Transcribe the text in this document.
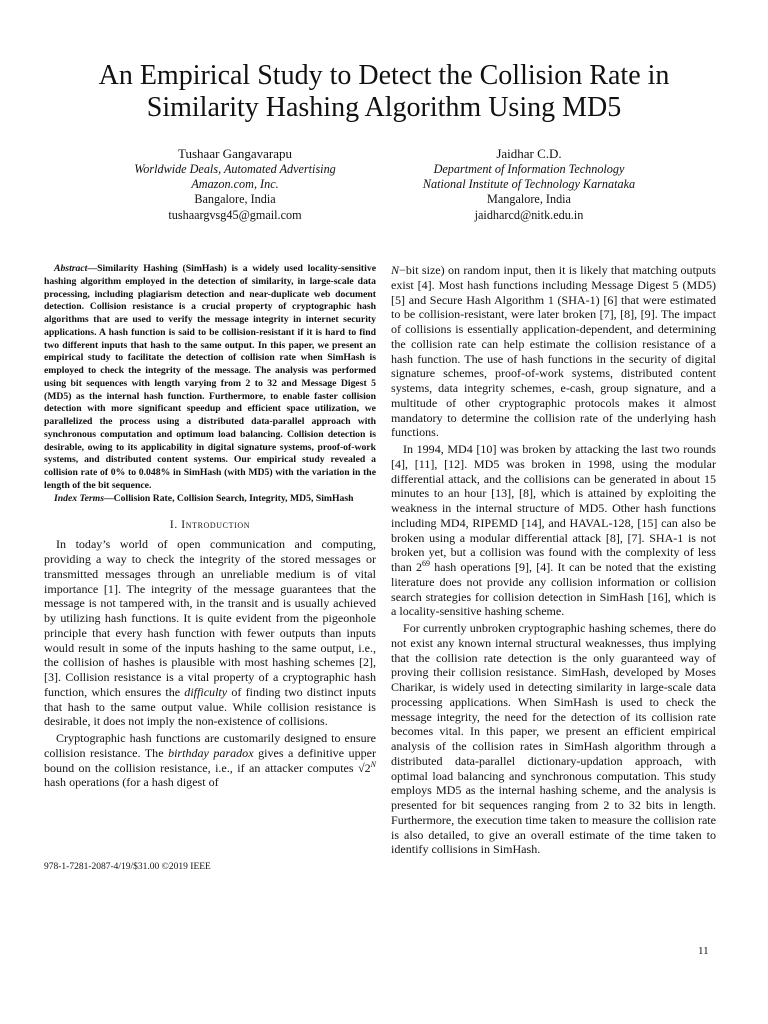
An Empirical Study to Detect the Collision Rate in Similarity Hashing Algorithm Using MD5
Tushaar Gangavarapu
Worldwide Deals, Automated Advertising
Amazon.com, Inc.
Bangalore, India
tushaargvsg45@gmail.com
Jaidhar C.D.
Department of Information Technology
National Institute of Technology Karnataka
Mangalore, India
jaidharcd@nitk.edu.in

Abstract—Similarity Hashing (SimHash) is a widely used locality-sensitive hashing algorithm employed in the detection of similarity, in large-scale data processing, including plagiarism detection and near-duplicate web document detection. Collision resistance is a crucial property of cryptographic hash algorithms that are used to verify the message integrity in internet security applications. A hash function is said to be collision-resistant if it is hard to find two different inputs that hash to the same output. In this paper, we present an empirical study to facilitate the detection of collision rate when SimHash is employed to check the integrity of the message. The analysis was performed using bit sequences with length varying from 2 to 32 and Message Digest 5 (MD5) as the internal hash function. Furthermore, to enable faster collision detection with more significant speedup and efficient space utilization, we parallelized the process using a distributed data-parallel approach with synchronous computation and optimum load balancing. Collision detection is desirable, owing to its applicability in digital signature systems, proof-of-work systems, and distributed content systems. Our empirical study revealed a collision rate of 0% to 0.048% in SimHash (with MD5) with the variation in the length of the bit sequence.

Index Terms—Collision Rate, Collision Search, Integrity, MD5, SimHash

I. Introduction

In today’s world of open communication and computing, providing a way to check the integrity of the stored messages or transmitted messages through an unreliable medium is of vital importance [1]. The integrity of the message guarantees that the message is not tampered with, in the transit and is usually achieved by utilizing hash functions. It is quite evident from the pigeonhole principle that every hash function with fewer outputs than inputs would result in some of the inputs hashing to the same output, i.e., the collision of hashes is plausible with most hashing schemes [2], [3]. Collision resistance is a vital property of a cryptographic hash function, which ensures the difficulty of finding two distinct inputs that hash to the same output value. While collision resistance is desirable, it does not imply the non-existence of collisions.

Cryptographic hash functions are customarily designed to ensure collision resistance. The birthday paradox gives a definitive upper bound on the collision resistance, i.e., if an attacker computes $√2^N$ hash operations (for a hash digest of

N−bit size) on random input, then it is likely that matching outputs exist [4]. Most hash functions including Message Digest 5 (MD5) [5] and Secure Hash Algorithm 1 (SHA-1) [6] that were estimated to be collision-resistant, were later broken [7], [8], [9]. The impact of collisions is essentially application-dependent, and determining the collision rate can help estimate the collision resistance of a hash function. The use of hash functions in the security of digital signature schemes, proof-of-work systems, distributed content systems, data integrity schemes, e-cash, group signature, and a multitude of other cryptographic protocols makes it almost mandatory to determine the collision rate of the underlying hash functions.

In 1994, MD4 [10] was broken by attacking the last two rounds [4], [11], [12]. MD5 was broken in 1998, using the modular differential attack, and the collisions can be generated in about 15 minutes to an hour [13], [8], which is attained by exploiting the weakness in the internal structure of MD5. Other hash functions including MD4, RIPEMD [14], and HAVAL-128, [15] can also be broken using a modular differential attack [8], [7]. SHA-1 is not broken yet, but a collision was found with the complexity of less than $2^{69}$ hash operations [9], [4]. It can be noted that the existing literature does not provide any collision information or collision search strategies for collision detection in SimHash [16], which is a locality-sensitive hashing scheme.

For currently unbroken cryptographic hashing schemes, there do not exist any known internal structural weaknesses, thus implying that the collision rate detection is the only guaranteed way of proving their collision resistance. SimHash, developed by Moses Charikar, is widely used in detecting similarity in large-scale data processing applications. When SimHash is used to check the message integrity, the need for the detection of its collision rate becomes vital. In this paper, we present an efficient empirical analysis of the collision rates in SimHash algorithm through a distributed data-parallel dictionary-updation approach, with optimal load balancing and synchronous computation. This study employs MD5 as the internal hashing scheme, and the analysis is presented for bit sequences ranging from 2 to 32 bits in length. Furthermore, the execution time taken to measure the collision rate is also detailed, to give an overall estimate of the time taken to identify collisions in SimHash.

978-1-7281-2087-4/19/$31.00 ©2019 IEEE
11
